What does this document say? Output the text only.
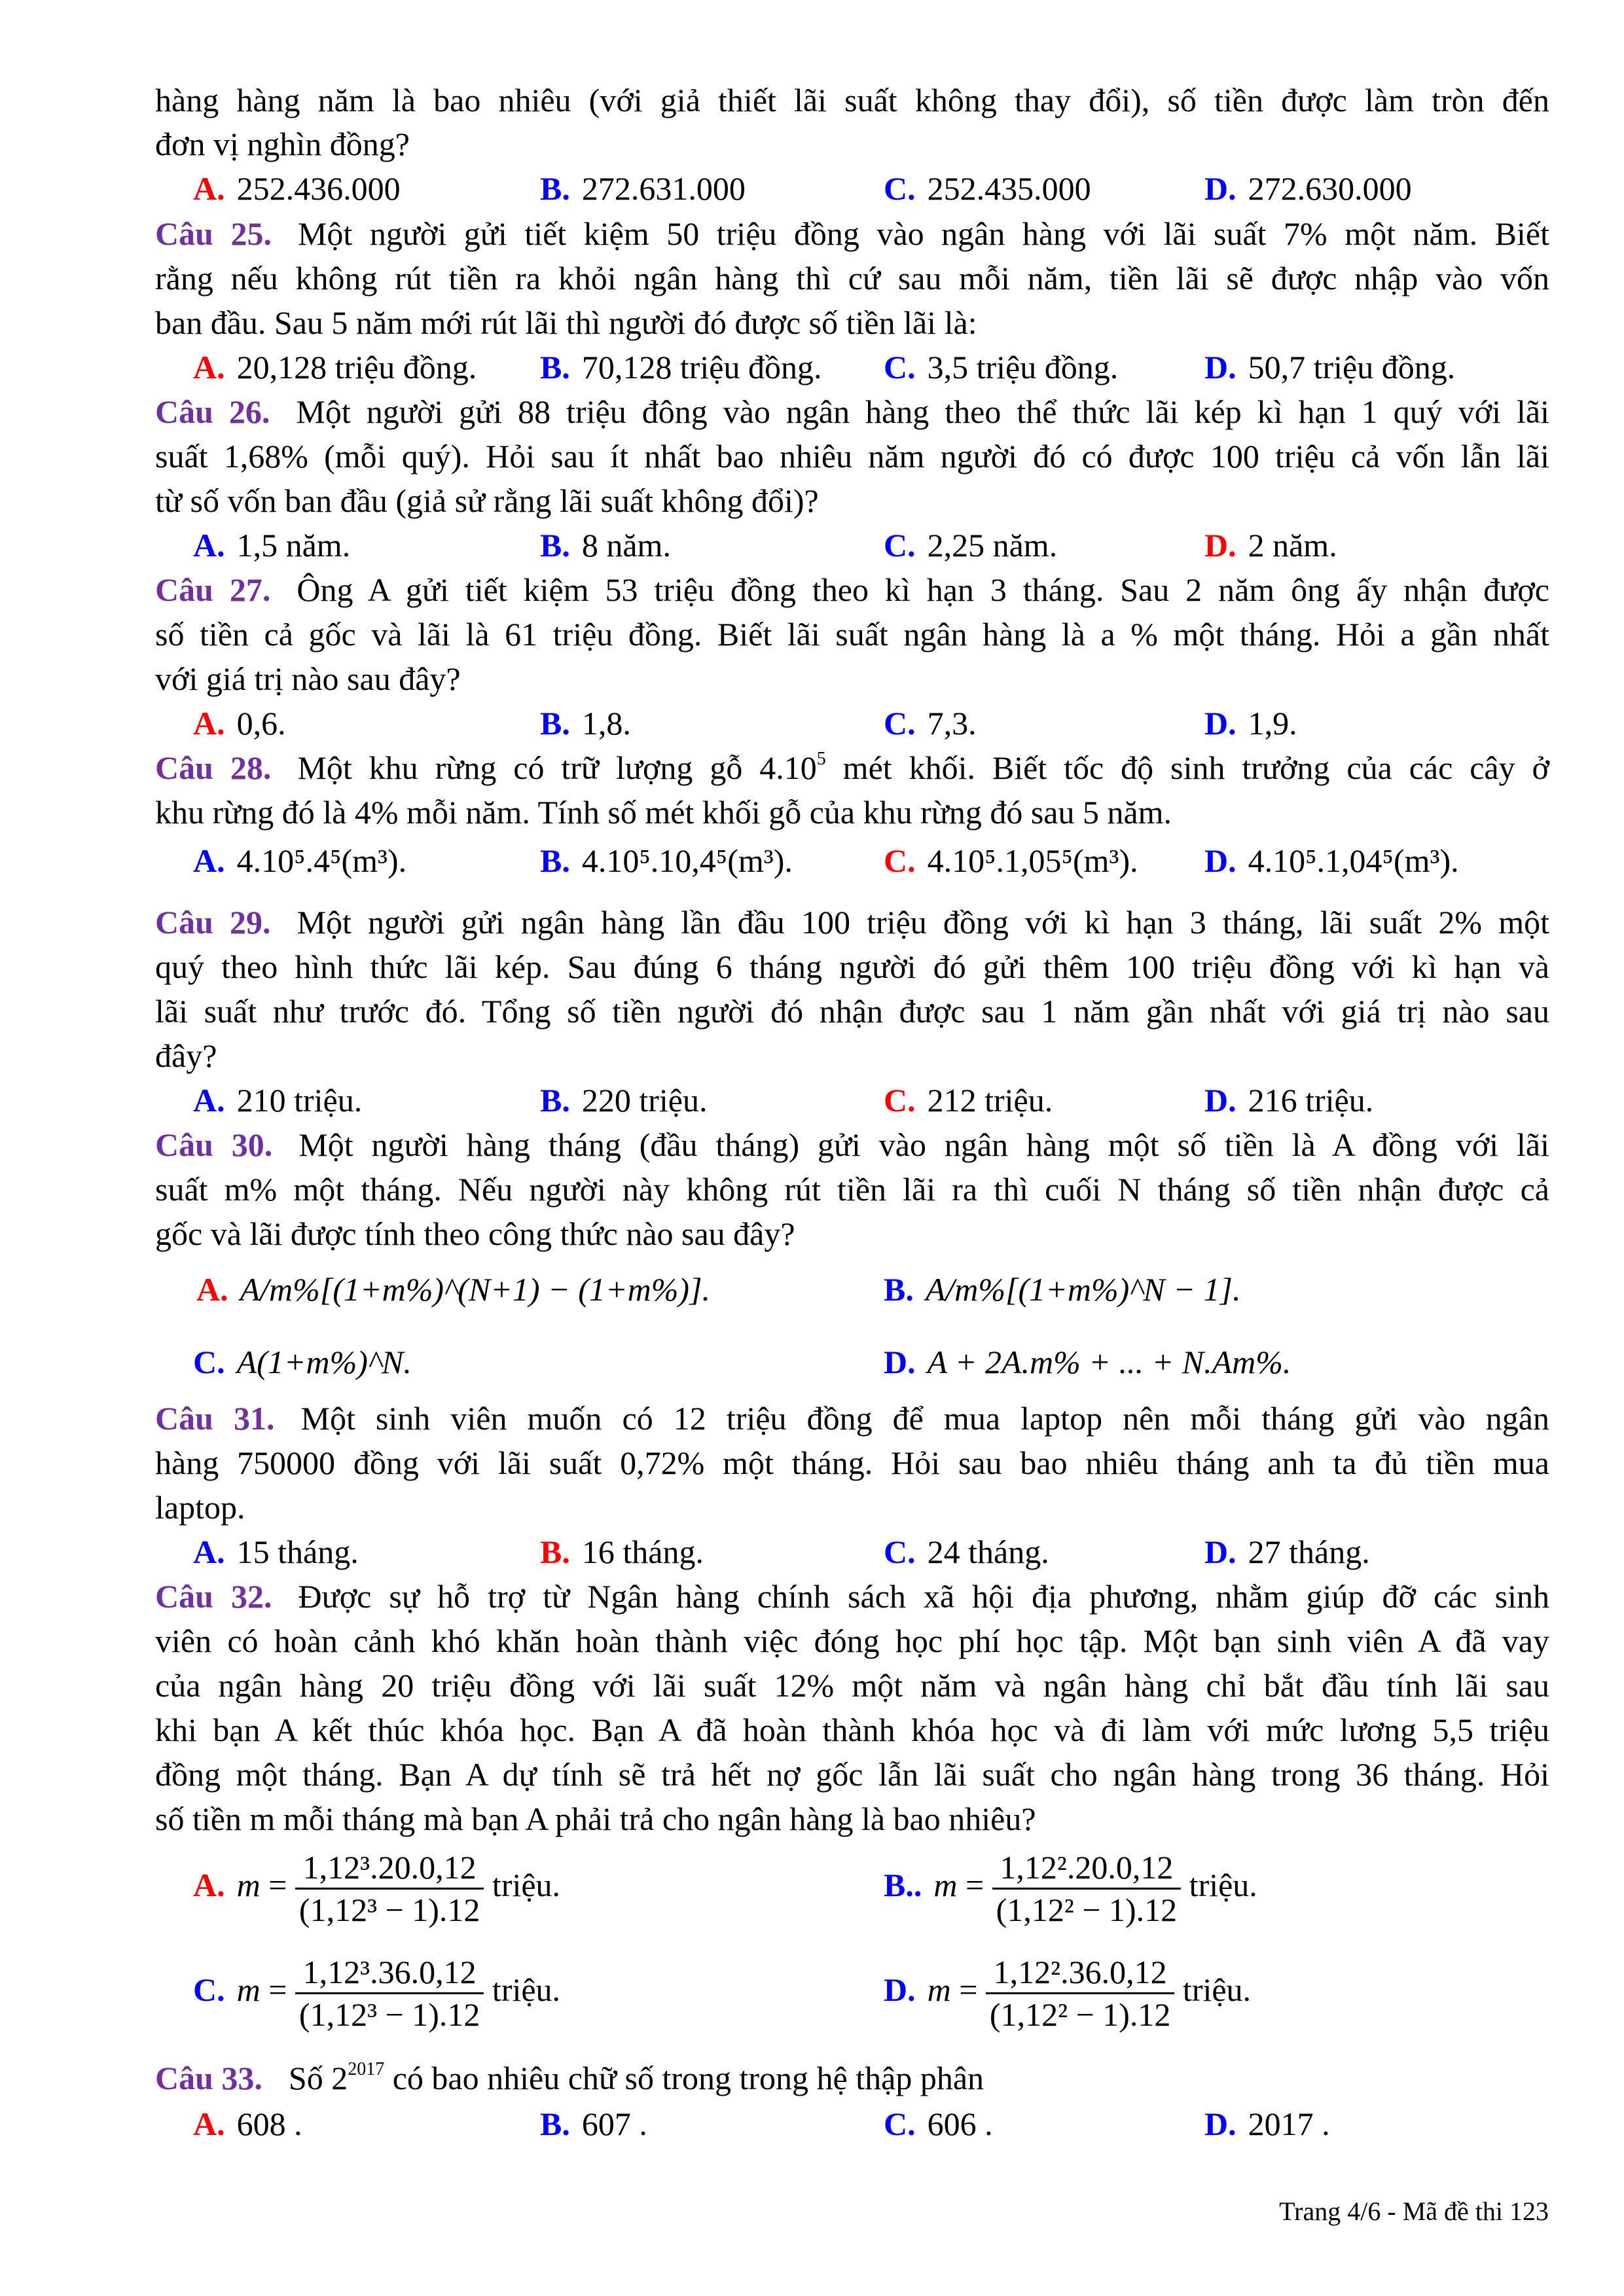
hàng hàng năm là bao nhiêu (với giả thiết lãi suất không thay đổi), số tiền được làm tròn đến
đơn vị nghìn đồng?
A. 252.436.000	B. 272.631.000	C. 252.435.000	D. 272.630.000
Câu 25. Một người gửi tiết kiệm 50 triệu đồng vào ngân hàng với lãi suất 7% một năm. Biết
rằng nếu không rút tiền ra khỏi ngân hàng thì cứ sau mỗi năm, tiền lãi sẽ được nhập vào vốn
ban đầu. Sau 5 năm mới rút lãi thì người đó được số tiền lãi là:
A. 20,128 triệu đồng. B. 70,128 triệu đồng. C. 3,5 triệu đồng.	D. 50,7 triệu đồng.
Câu 26. Một người gửi 88 triệu đông vào ngân hàng theo thể thức lãi kép kì hạn 1 quý với lãi
suất 1,68% (mỗi quý). Hỏi sau ít nhất bao nhiêu năm người đó có được 100 triệu cả vốn lẫn lãi
từ số vốn ban đầu (giả sử rằng lãi suất không đổi)?
A. 1,5 năm.	B. 8 năm.	C. 2,25 năm.	D. 2 năm.
Câu 27. Ông A gửi tiết kiệm 53 triệu đồng theo kì hạn 3 tháng. Sau 2 năm ông ấy nhận được
số tiền cả gốc và lãi là 61 triệu đồng. Biết lãi suất ngân hàng là a % một tháng. Hỏi a gần nhất
với giá trị nào sau đây?
A. 0,6.	B. 1,8.	C. 7,3.	D. 1,9.
Câu 28. Một khu rừng có trữ lượng gỗ 4.10$^5$ mét khối. Biết tốc độ sinh trưởng của các cây ở
khu rừng đó là 4% mỗi năm. Tính số mét khối gỗ của khu rừng đó sau 5 năm.
A. 4.10⁵.4⁵(m³).	B. 4.10⁵.10,4⁵(m³).	C. 4.10⁵.1,05⁵(m³). D. 4.10⁵.1,04⁵(m³).
Câu 29. Một người gửi ngân hàng lần đầu 100 triệu đồng với kì hạn 3 tháng, lãi suất 2% một
quý theo hình thức lãi kép. Sau đúng 6 tháng người đó gửi thêm 100 triệu đồng với kì hạn và
lãi suất như trước đó. Tổng số tiền người đó nhận được sau 1 năm gần nhất với giá trị nào sau
đây?
A. 210 triệu.	B. 220 triệu.	C. 212 triệu.	D. 216 triệu.
Câu 30. Một người hàng tháng (đầu tháng) gửi vào ngân hàng một số tiền là A đồng với lãi
suất m% một tháng. Nếu người này không rút tiền lãi ra thì cuối N tháng số tiền nhận được cả
gốc và lãi được tính theo công thức nào sau đây?
A. A/m%[(1+m%)^(N+1) − (1+m%)].	B. A/m%[(1+m%)^N − 1].
C. A(1+m%)^N.	D. A + 2A.m% + ... + N.Am%.
Câu 31. Một sinh viên muốn có 12 triệu đồng để mua laptop nên mỗi tháng gửi vào ngân
hàng 750000 đồng với lãi suất 0,72% một tháng. Hỏi sau bao nhiêu tháng anh ta đủ tiền mua
laptop.
A. 15 tháng.	B. 16 tháng.	C. 24 tháng.	D. 27 tháng.
Câu 32. Được sự hỗ trợ từ Ngân hàng chính sách xã hội địa phương, nhằm giúp đỡ các sinh
viên có hoàn cảnh khó khăn hoàn thành việc đóng học phí học tập. Một bạn sinh viên A đã vay
của ngân hàng 20 triệu đồng với lãi suất 12% một năm và ngân hàng chỉ bắt đầu tính lãi sau
khi bạn A kết thúc khóa học. Bạn A đã hoàn thành khóa học và đi làm với mức lương 5,5 triệu
đồng một tháng. Bạn A dự tính sẽ trả hết nợ gốc lẫn lãi suất cho ngân hàng trong 36 tháng. Hỏi
số tiền m mỗi tháng mà bạn A phải trả cho ngân hàng là bao nhiêu?
A. $m = \frac{\text{1,12³.20.0,12}}{\text{(1,12³ − 1).12}}$ triệu.	B.. $m = \frac{\text{1,12².20.0,12}}{\text{(1,12² − 1).12}}$ triệu.
C. $m = \frac{\text{1,12³.36.0,12}}{\text{(1,12³ − 1).12}}$ triệu.	D. $m = \frac{\text{1,12².36.0,12}}{\text{(1,12² − 1).12}}$ triệu.
Câu 33. Số $2^{2017}$ có bao nhiêu chữ số trong trong hệ thập phân
A. 608 .	B. 607 .	C. 606 .	D. 2017 .
Trang 4/6 - Mã đề thi 123
